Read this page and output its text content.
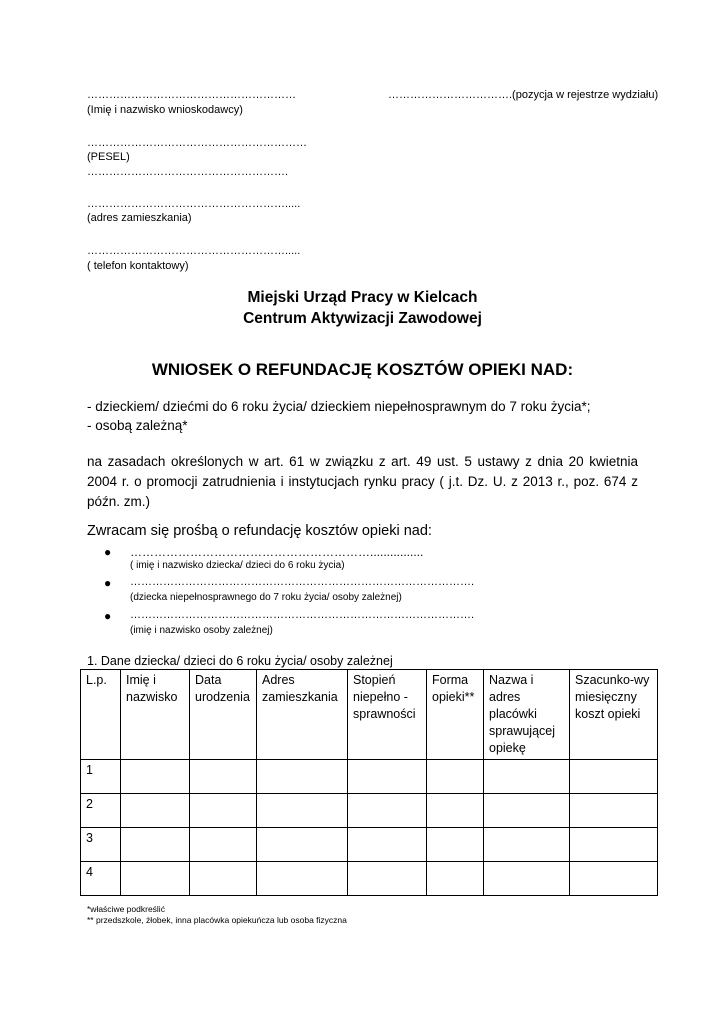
…………………………………………………	…………………………….(pozycja w rejestrze wydziału)
(Imię i nazwisko wnioskodawcy)
……………………………………………………
(PESEL)
……………………………………………….
……………………………………………….....
(adres zamieszkania)
……………………………………………….....
( telefon kontaktowy)
Miejski Urząd Pracy w Kielcach
Centrum Aktywizacji Zawodowej
WNIOSEK O REFUNDACJĘ KOSZTÓW OPIEKI NAD:
- dzieckiem/ dziećmi do 6 roku życia/ dzieckiem niepełnosprawnym do 7 roku życia*;
- osobą zależną*
na zasadach określonych w art. 61 w związku z art. 49 ust. 5 ustawy z dnia 20 kwietnia 2004 r. o promocji zatrudnienia i instytucjach rynku pracy ( j.t. Dz. U. z 2013 r., poz. 674 z późn. zm.)
Zwracam się prośbą o refundację kosztów opieki nad:
● ……………………………………………………................
( imię i nazwisko dziecka/ dzieci do 6 roku życia)
● ………………………………………………………………………………….
(dziecka niepełnosprawnego do 7 roku życia/ osoby zależnej)
● ………………………………………………………………………………….
(imię i nazwisko osoby zależnej)
1. Dane dziecka/ dzieci do 6 roku życia/ osoby zależnej
L.p.	Imię i nazwisko	Data urodzenia	Adres zamieszkania	Stopień niepełno - sprawności	Forma opieki**	Nazwa i adres placówki sprawującej opiekę	Szacunko-wy miesięczny koszt opieki
1							
2							
3							
4							
*właściwe podkreślić
** przedszkole, żłobek, inna placówka opiekuńcza lub osoba fizyczna
